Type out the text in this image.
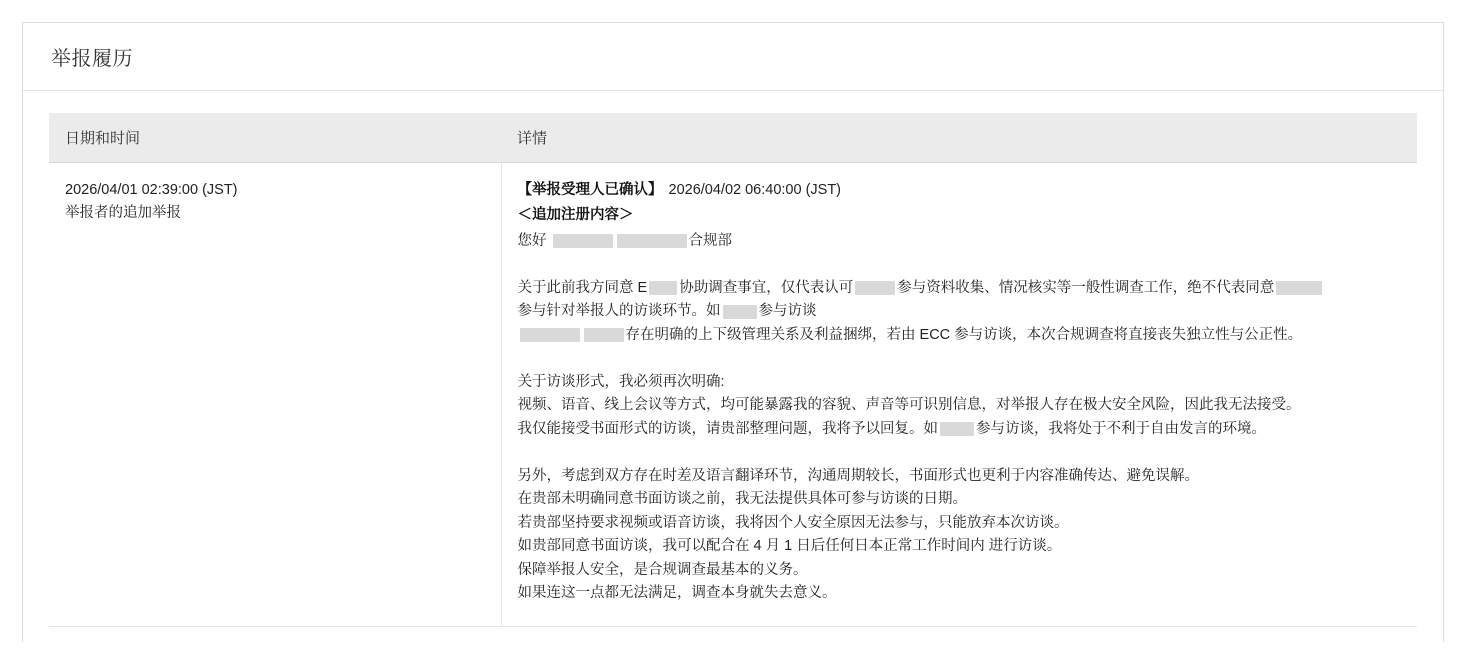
举报履历
日期和时间	详情

2026/04/01 02:39:00 (JST)
举报者的追加举报

【举报受理人已确认】 2026/04/02 06:40:00 (JST)
＜追加注册内容＞

您好	合规部

关于此前我方同意 E 协助调查事宜，仅代表认可	参与资料收集、情况核实等一般性调查工作，绝不代表同意
参与针对举报人的访谈环节。如	参与访谈
存在明确的上下级管理关系及利益捆绑，若由 ECC 参与访谈，本次合规调查将直接丧失独立性与公正性。

关于访谈形式，我必须再次明确:
视频、语音、线上会议等方式，均可能暴露我的容貌、声音等可识别信息，对举报人存在极大安全风险，因此我无法接受。
我仅能接受书面形式的访谈，请贵部整理问题，我将予以回复。如	参与访谈，我将处于不利于自由发言的环境。

另外，考虑到双方存在时差及语言翻译环节，沟通周期较长，书面形式也更利于内容准确传达、避免误解。
在贵部未明确同意书面访谈之前，我无法提供具体可参与访谈的日期。
若贵部坚持要求视频或语音访谈，我将因个人安全原因无法参与，只能放弃本次访谈。
如贵部同意书面访谈，我可以配合在 4 月 1 日后任何日本正常工作时间内 进行访谈。
保障举报人安全，是合规调查最基本的义务。
如果连这一点都无法满足，调查本身就失去意义。
